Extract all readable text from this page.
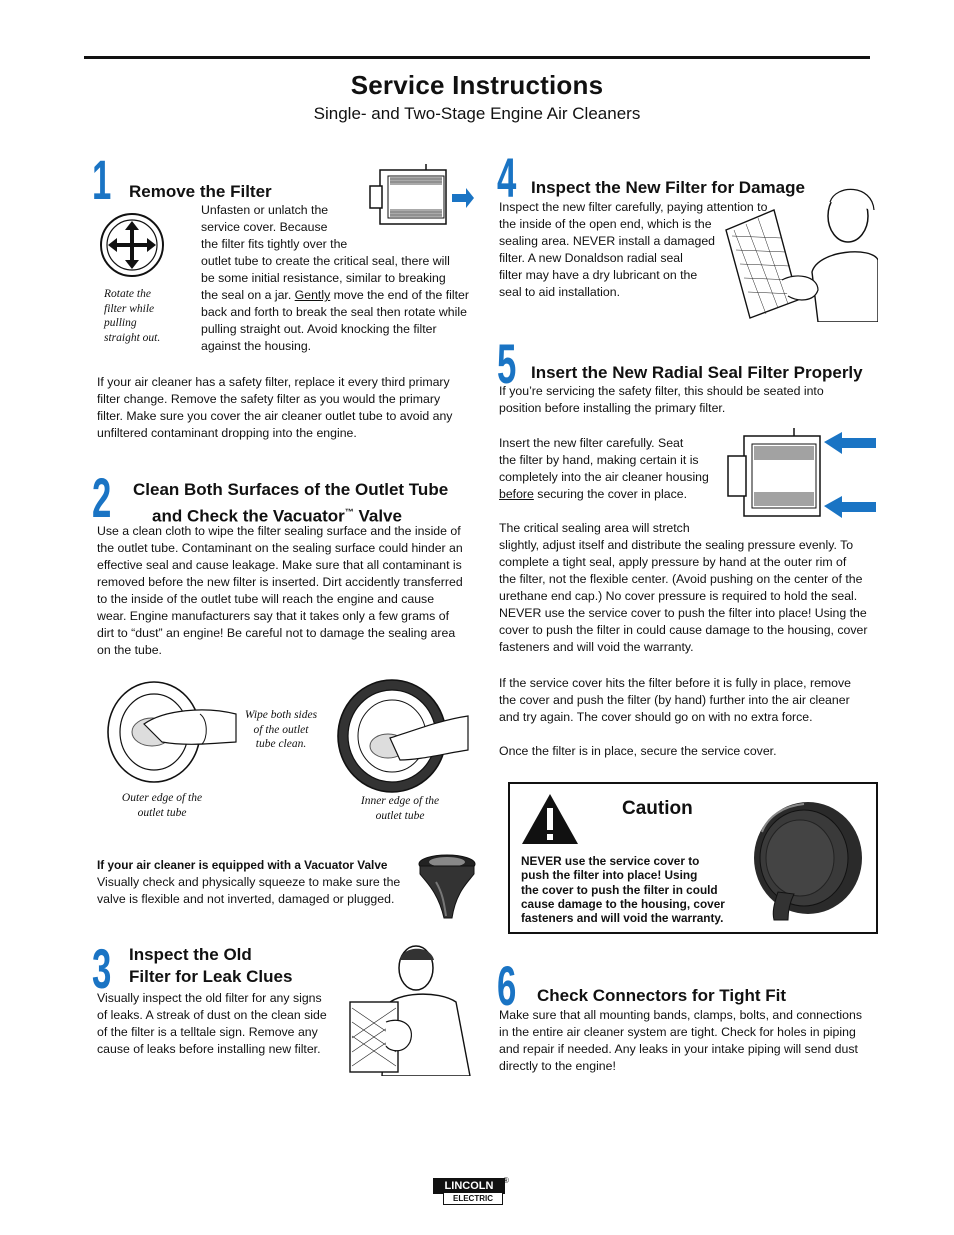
Service Instructions
Single- and Two-Stage Engine Air Cleaners
1 Remove the Filter
Rotate the
filter while
pulling
straight out.
Unfasten or unlatch the
service cover. Because
the filter fits tightly over the
outlet tube to create the critical seal, there will
be some initial resistance, similar to breaking
the seal on a jar. Gently move the end of the filter
back and forth to break the seal then rotate while
pulling straight out. Avoid knocking the filter
against the housing.
If your air cleaner has a safety filter, replace it every third primary
filter change. Remove the safety filter as you would the primary
filter. Make sure you cover the air cleaner outlet tube to avoid any
unfiltered contaminant dropping into the engine.
2 Clean Both Surfaces of the Outlet Tube
and Check the Vacuator™ Valve
Use a clean cloth to wipe the filter sealing surface and the inside of
the outlet tube. Contaminant on the sealing surface could hinder an
effective seal and cause leakage. Make sure that all contaminant is
removed before the new filter is inserted. Dirt accidently transferred
to the inside of the outlet tube will reach the engine and cause
wear. Engine manufacturers say that it takes only a few grams of
dirt to “dust” an engine! Be careful not to damage the sealing area
on the tube.
Wipe both sides
of the outlet
tube clean.
Outer edge of the
outlet tube
Inner edge of the
outlet tube
If your air cleaner is equipped with a Vacuator Valve
Visually check and physically squeeze to make sure the
valve is flexible and not inverted, damaged or plugged.
3 Inspect the Old
Filter for Leak Clues
Visually inspect the old filter for any signs
of leaks. A streak of dust on the clean side
of the filter is a telltale sign. Remove any
cause of leaks before installing new filter.
4 Inspect the New Filter for Damage
Inspect the new filter carefully, paying attention to
the inside of the open end, which is the
sealing area. NEVER install a damaged
filter. A new Donaldson radial seal
filter may have a dry lubricant on the
seal to aid installation.
5 Insert the New Radial Seal Filter Properly
If you’re servicing the safety filter, this should be seated into
position before installing the primary filter.
Insert the new filter carefully. Seat
the filter by hand, making certain it is
completely into the air cleaner housing
before securing the cover in place.
The critical sealing area will stretch
slightly, adjust itself and distribute the sealing pressure evenly. To
complete a tight seal, apply pressure by hand at the outer rim of
the filter, not the flexible center. (Avoid pushing on the center of the
urethane end cap.) No cover pressure is required to hold the seal.
NEVER use the service cover to push the filter into place! Using the
cover to push the filter in could cause damage to the housing, cover
fasteners and will void the warranty.
If the service cover hits the filter before it is fully in place, remove
the cover and push the filter (by hand) further into the air cleaner
and try again. The cover should go on with no extra force.
Once the filter is in place, secure the service cover.
Caution
NEVER use the service cover to
push the filter into place! Using
the cover to push the filter in could
cause damage to the housing, cover
fasteners and will void the warranty.
6 Check Connectors for Tight Fit
Make sure that all mounting bands, clamps, bolts, and connections
in the entire air cleaner system are tight. Check for holes in piping
and repair if needed. Any leaks in your intake piping will send dust
directly to the engine!
LINCOLN
ELECTRIC
®
